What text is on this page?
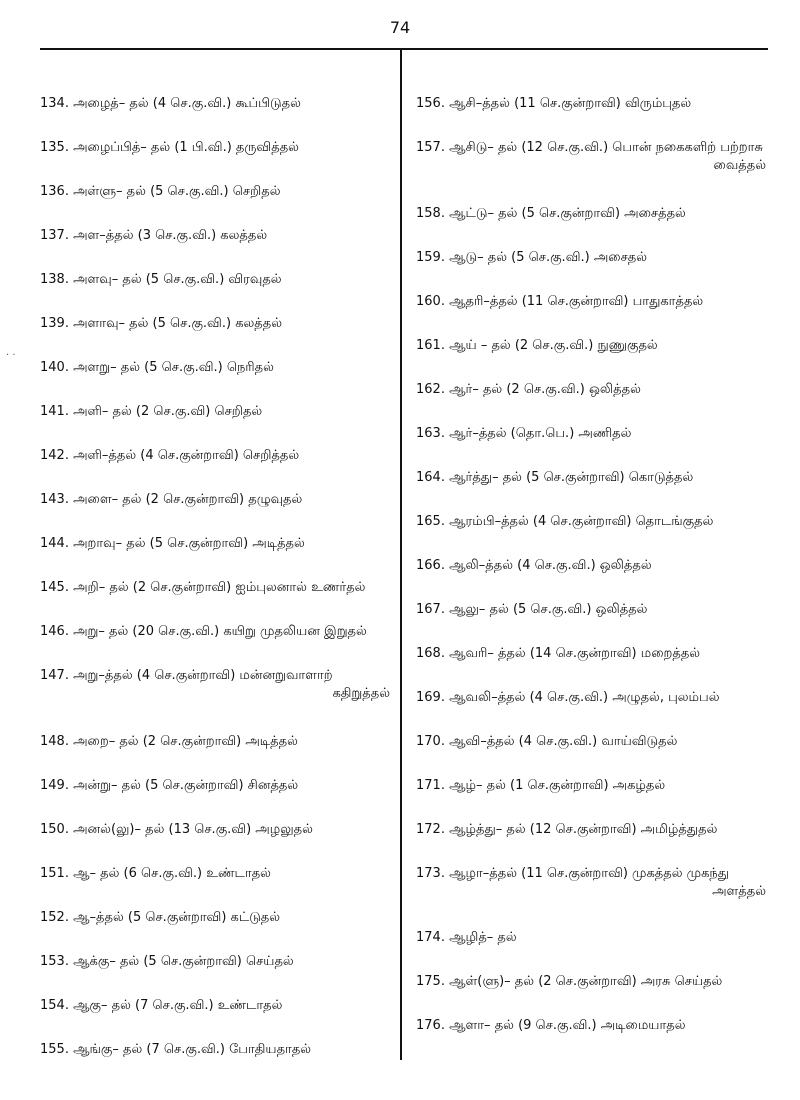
74
. .
134. அழைத்– தல் (4 செ.கு.வி.) கூப்பிடுதல்
135. அழைப்பித்– தல் (1 பி.வி.) தருவித்தல்
136. அள்ளு– தல் (5 செ.கு.வி.) செறிதல்
137. அள–த்தல் (3 செ.கு.வி.) கலத்தல்
138. அளவு– தல் (5 செ.கு.வி.) விரவுதல்
139. அளாவு– தல் (5 செ.கு.வி.) கலத்தல்
140. அளறு– தல் (5 செ.கு.வி.) நெரிதல்
141. அளி– தல் (2 செ.கு.வி) செறிதல்
142. அளி–த்தல் (4 செ.குன்றாவி) செறித்தல்
143. அளை– தல் (2 செ.குன்றாவி) தழுவுதல்
144. அறாவு– தல் (5 செ.குன்றாவி) அடித்தல்
145. அறி– தல் (2 செ.குன்றாவி) ஐம்புலனால் உணர்தல்
146. அறு– தல் (20 செ.கு.வி.) கயிறு முதலியன இறுதல்
147. அறு–த்தல் (4 செ.குன்றாவி) மன்னறுவாளாற்
கதிறுத்தல்
148. அறை– தல் (2 செ.குன்றாவி) அடித்தல்
149. அன்று– தல் (5 செ.குன்றாவி) சினத்தல்
150. அனல்(லு)– தல் (13 செ.கு.வி) அழலுதல்
151. ஆ– தல் (6 செ.கு.வி.) உண்டாதல்
152. ஆ–த்தல் (5 செ.குன்றாவி) கட்டுதல்
153. ஆக்கு– தல் (5 செ.குன்றாவி) செய்தல்
154. ஆகு– தல் (7 செ.கு.வி.) உண்டாதல்
155. ஆங்கு– தல் (7 செ.கு.வி.) போதியதாதல்
156. ஆசி–த்தல் (11 செ.குன்றாவி) விரும்புதல்
157. ஆசிடு– தல் (12 செ.கு.வி.) பொன் நகைகளிற் பற்றாசு
வைத்தல்
158. ஆட்டு– தல் (5 செ.குன்றாவி) அசைத்தல்
159. ஆடு– தல் (5 செ.கு.வி.) அசைதல்
160. ஆதரி–த்தல் (11 செ.குன்றாவி) பாதுகாத்தல்
161. ஆய் – தல் (2 செ.கு.வி.) நுணுகுதல்
162. ஆர்– தல் (2 செ.கு.வி.) ஒலித்தல்
163. ஆர்–த்தல் (தொ.பெ.) அணிதல்
164. ஆர்த்து– தல் (5 செ.குன்றாவி) கொடுத்தல்
165. ஆரம்பி–த்தல் (4 செ.குன்றாவி) தொடங்குதல்
166. ஆலி–த்தல் (4 செ.கு.வி.) ஒலித்தல்
167. ஆலு– தல் (5 செ.கு.வி.) ஒலித்தல்
168. ஆவரி– த்தல் (14 செ.குன்றாவி) மறைத்தல்
169. ஆவலி–த்தல் (4 செ.கு.வி.) அழுதல், புலம்பல்
170. ஆவி–த்தல் (4 செ.கு.வி.) வாய்விடுதல்
171. ஆழ்– தல் (1 செ.குன்றாவி) அகழ்தல்
172. ஆழ்த்து– தல் (12 செ.குன்றாவி) அமிழ்த்துதல்
173. ஆழா–த்தல் (11 செ.குன்றாவி) முகத்தல் முகந்து
அளத்தல்
174. ஆழித்– தல்
175. ஆள்(ளு)– தல் (2 செ.குன்றாவி) அரசு செய்தல்
176. ஆளா– தல் (9 செ.கு.வி.) அடிமையாதல்
